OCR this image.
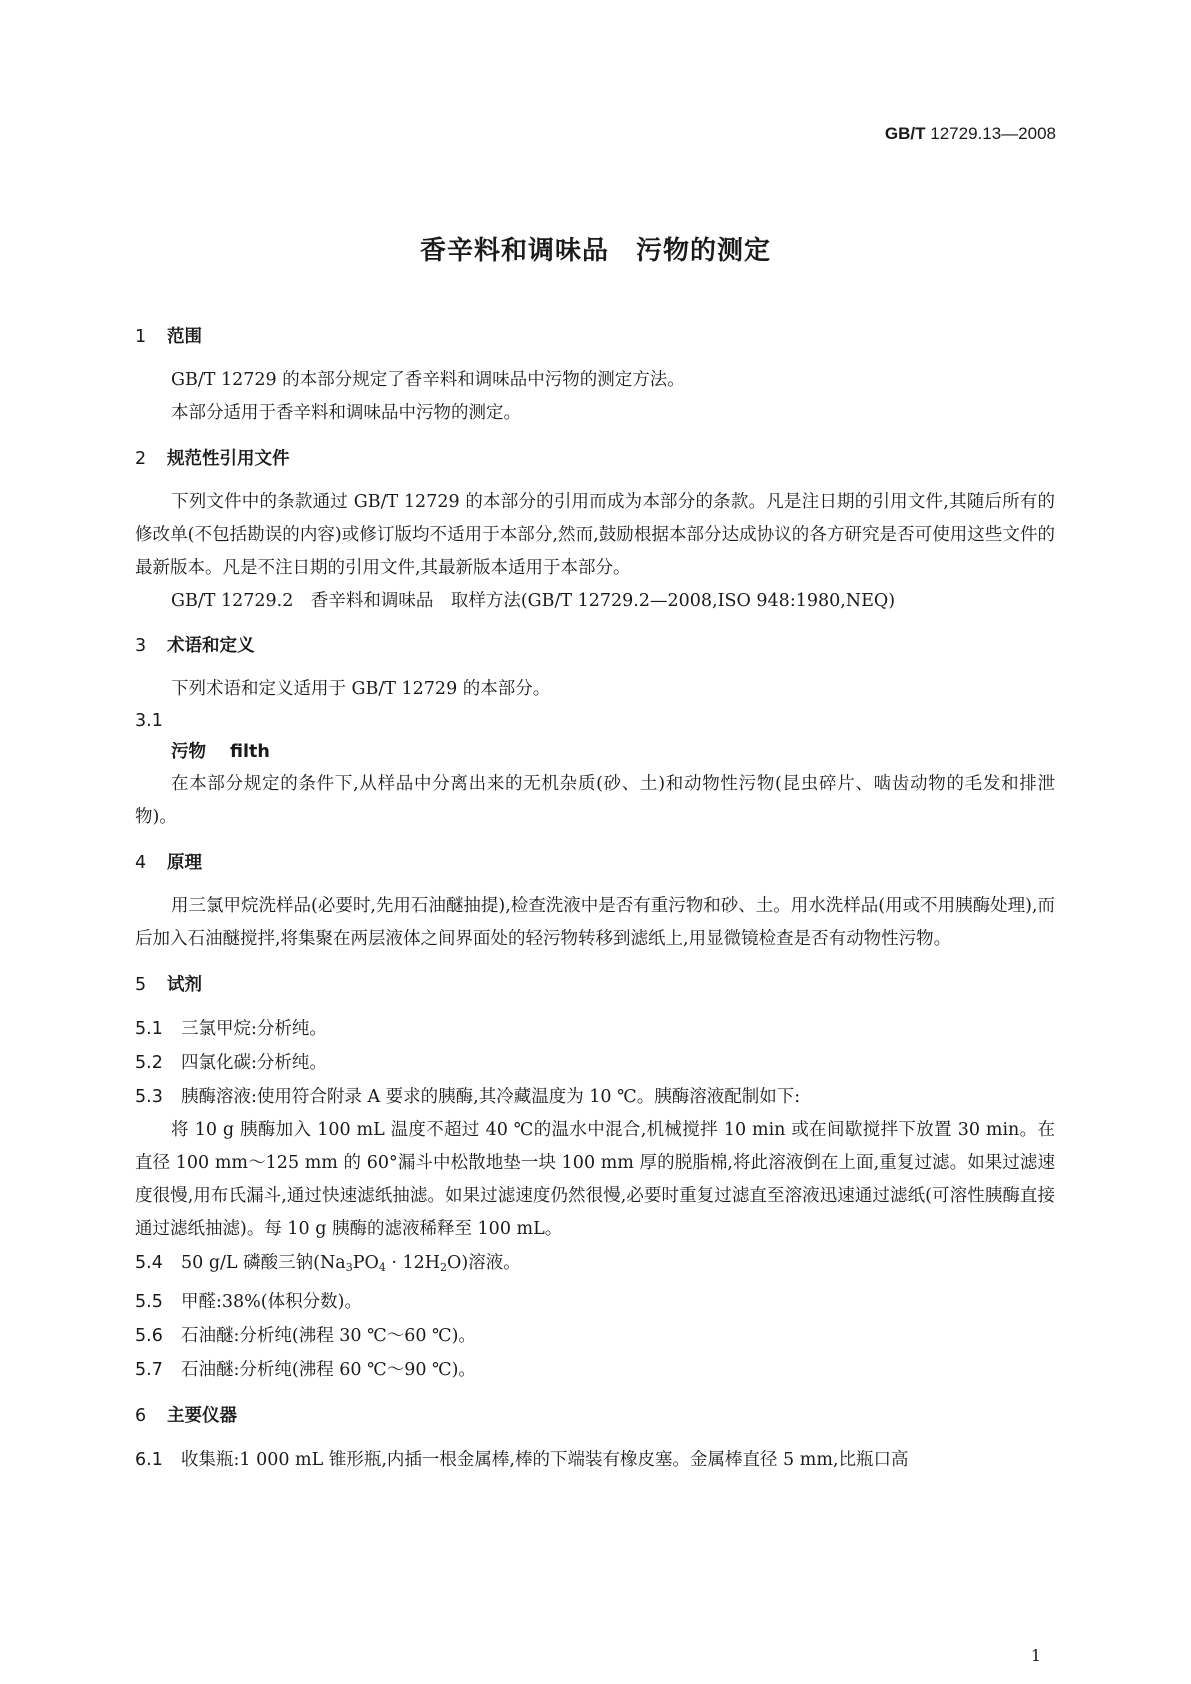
GB/T 12729.13—2008
香辛料和调味品　污物的测定
1 范围

GB/T 12729 的本部分规定了香辛料和调味品中污物的测定方法。

本部分适用于香辛料和调味品中污物的测定。

2 规范性引用文件

下列文件中的条款通过 GB/T 12729 的本部分的引用而成为本部分的条款。凡是注日期的引用文件,其随后所有的修改单(不包括勘误的内容)或修订版均不适用于本部分,然而,鼓励根据本部分达成协议的各方研究是否可使用这些文件的最新版本。凡是不注日期的引用文件,其最新版本适用于本部分。

GB/T 12729.2　香辛料和调味品　取样方法(GB/T 12729.2—2008,ISO 948:1980,NEQ)

3 术语和定义

下列术语和定义适用于 GB/T 12729 的本部分。

3.1

污物 filth

在本部分规定的条件下,从样品中分离出来的无机杂质(砂、土)和动物性污物(昆虫碎片、啮齿动物的毛发和排泄物)。

4 原理

用三氯甲烷洗样品(必要时,先用石油醚抽提),检查洗液中是否有重污物和砂、土。用水洗样品(用或不用胰酶处理),而后加入石油醚搅拌,将集聚在两层液体之间界面处的轻污物转移到滤纸上,用显微镜检查是否有动物性污物。

5 试剂

5.1 三氯甲烷:分析纯。

5.2 四氯化碳:分析纯。

5.3 胰酶溶液:使用符合附录 A 要求的胰酶,其冷藏温度为 10 ℃。胰酶溶液配制如下:

将 10 g 胰酶加入 100 mL 温度不超过 40 ℃的温水中混合,机械搅拌 10 min 或在间歇搅拌下放置 30 min。在直径 100 mm～125 mm 的 60°漏斗中松散地垫一块 100 mm 厚的脱脂棉,将此溶液倒在上面,重复过滤。如果过滤速度很慢,用布氏漏斗,通过快速滤纸抽滤。如果过滤速度仍然很慢,必要时重复过滤直至溶液迅速通过滤纸(可溶性胰酶直接通过滤纸抽滤)。每 10 g 胰酶的滤液稀释至 100 mL。

5.4 50 g/L 磷酸三钠$(Na_3PO_4 \cdot 12H_2O)$溶液。

5.5 甲醛:38%(体积分数)。

5.6 石油醚:分析纯(沸程 30 ℃～60 ℃)。

5.7 石油醚:分析纯(沸程 60 ℃～90 ℃)。

6 主要仪器

6.1 收集瓶:1 000 mL 锥形瓶,内插一根金属棒,棒的下端装有橡皮塞。金属棒直径 5 mm,比瓶口高

1
